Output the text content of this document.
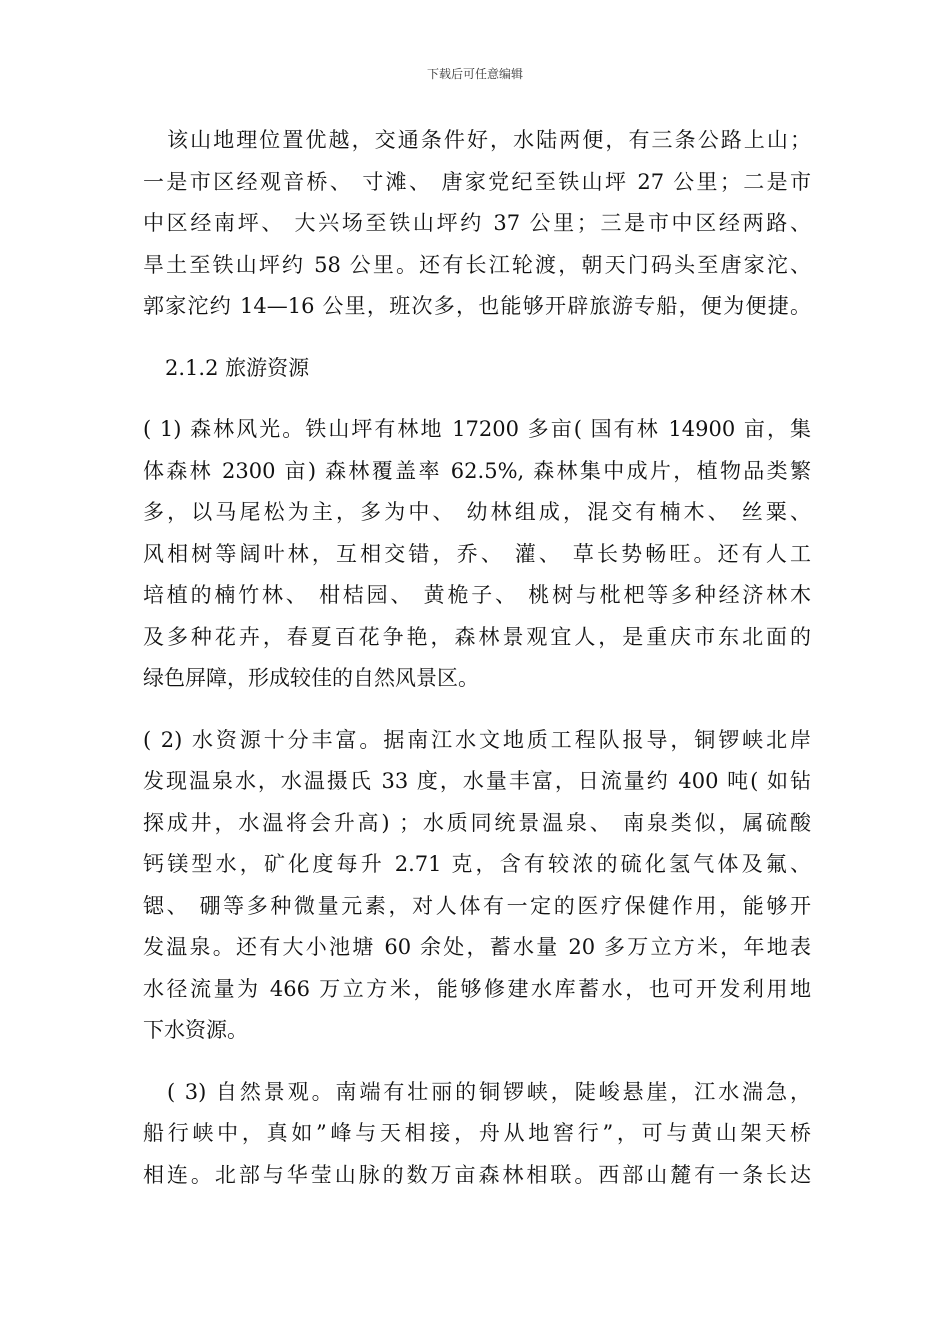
下载后可任意编辑
该山地理位置优越，交通条件好，水陆两便，有三条公路上山；
一是市区经观音桥、 寸滩、 唐家党纪至铁山坪 27 公里；二是市
中区经南坪、 大兴场至铁山坪约 37 公里；三是市中区经两路、
旱土至铁山坪约 58 公里。还有长江轮渡，朝天门码头至唐家沱、
郭家沱约 14—16 公里，班次多，也能够开辟旅游专船，便为便捷。
2.1.2 旅游资源
( 1) 森林风光。铁山坪有林地 17200 多亩( 国有林 14900 亩，集
体森林 2300 亩) 森林覆盖率 62.5%, 森林集中成片，植物品类繁
多，以马尾松为主，多为中、 幼林组成，混交有楠木、 丝粟、
风相树等阔叶林，互相交错，乔、 灌、 草长势畅旺。还有人工
培植的楠竹林、 柑桔园、 黄桅子、 桃树与枇杷等多种经济林木
及多种花卉，春夏百花争艳，森林景观宜人，是重庆市东北面的
绿色屏障，形成较佳的自然风景区。
( 2) 水资源十分丰富。据南江水文地质工程队报导，铜锣峡北岸
发现温泉水，水温摄氏 33 度，水量丰富，日流量约 400 吨( 如钻
探成井，水温将会升高) ；水质同统景温泉、 南泉类似，属硫酸
钙镁型水，矿化度每升 2.71 克，含有较浓的硫化氢气体及氟、
锶、 硼等多种微量元素，对人体有一定的医疗保健作用，能够开
发温泉。还有大小池塘 60 余处，蓄水量 20 多万立方米，年地表
水径流量为 466 万立方米，能够修建水库蓄水，也可开发利用地
下水资源。
( 3) 自然景观。南端有壮丽的铜锣峡，陡峻悬崖，江水湍急，
船行峡中，真如”峰与天相接，舟从地窖行”，可与黄山架天桥
相连。北部与华莹山脉的数万亩森林相联。西部山麓有一条长达
